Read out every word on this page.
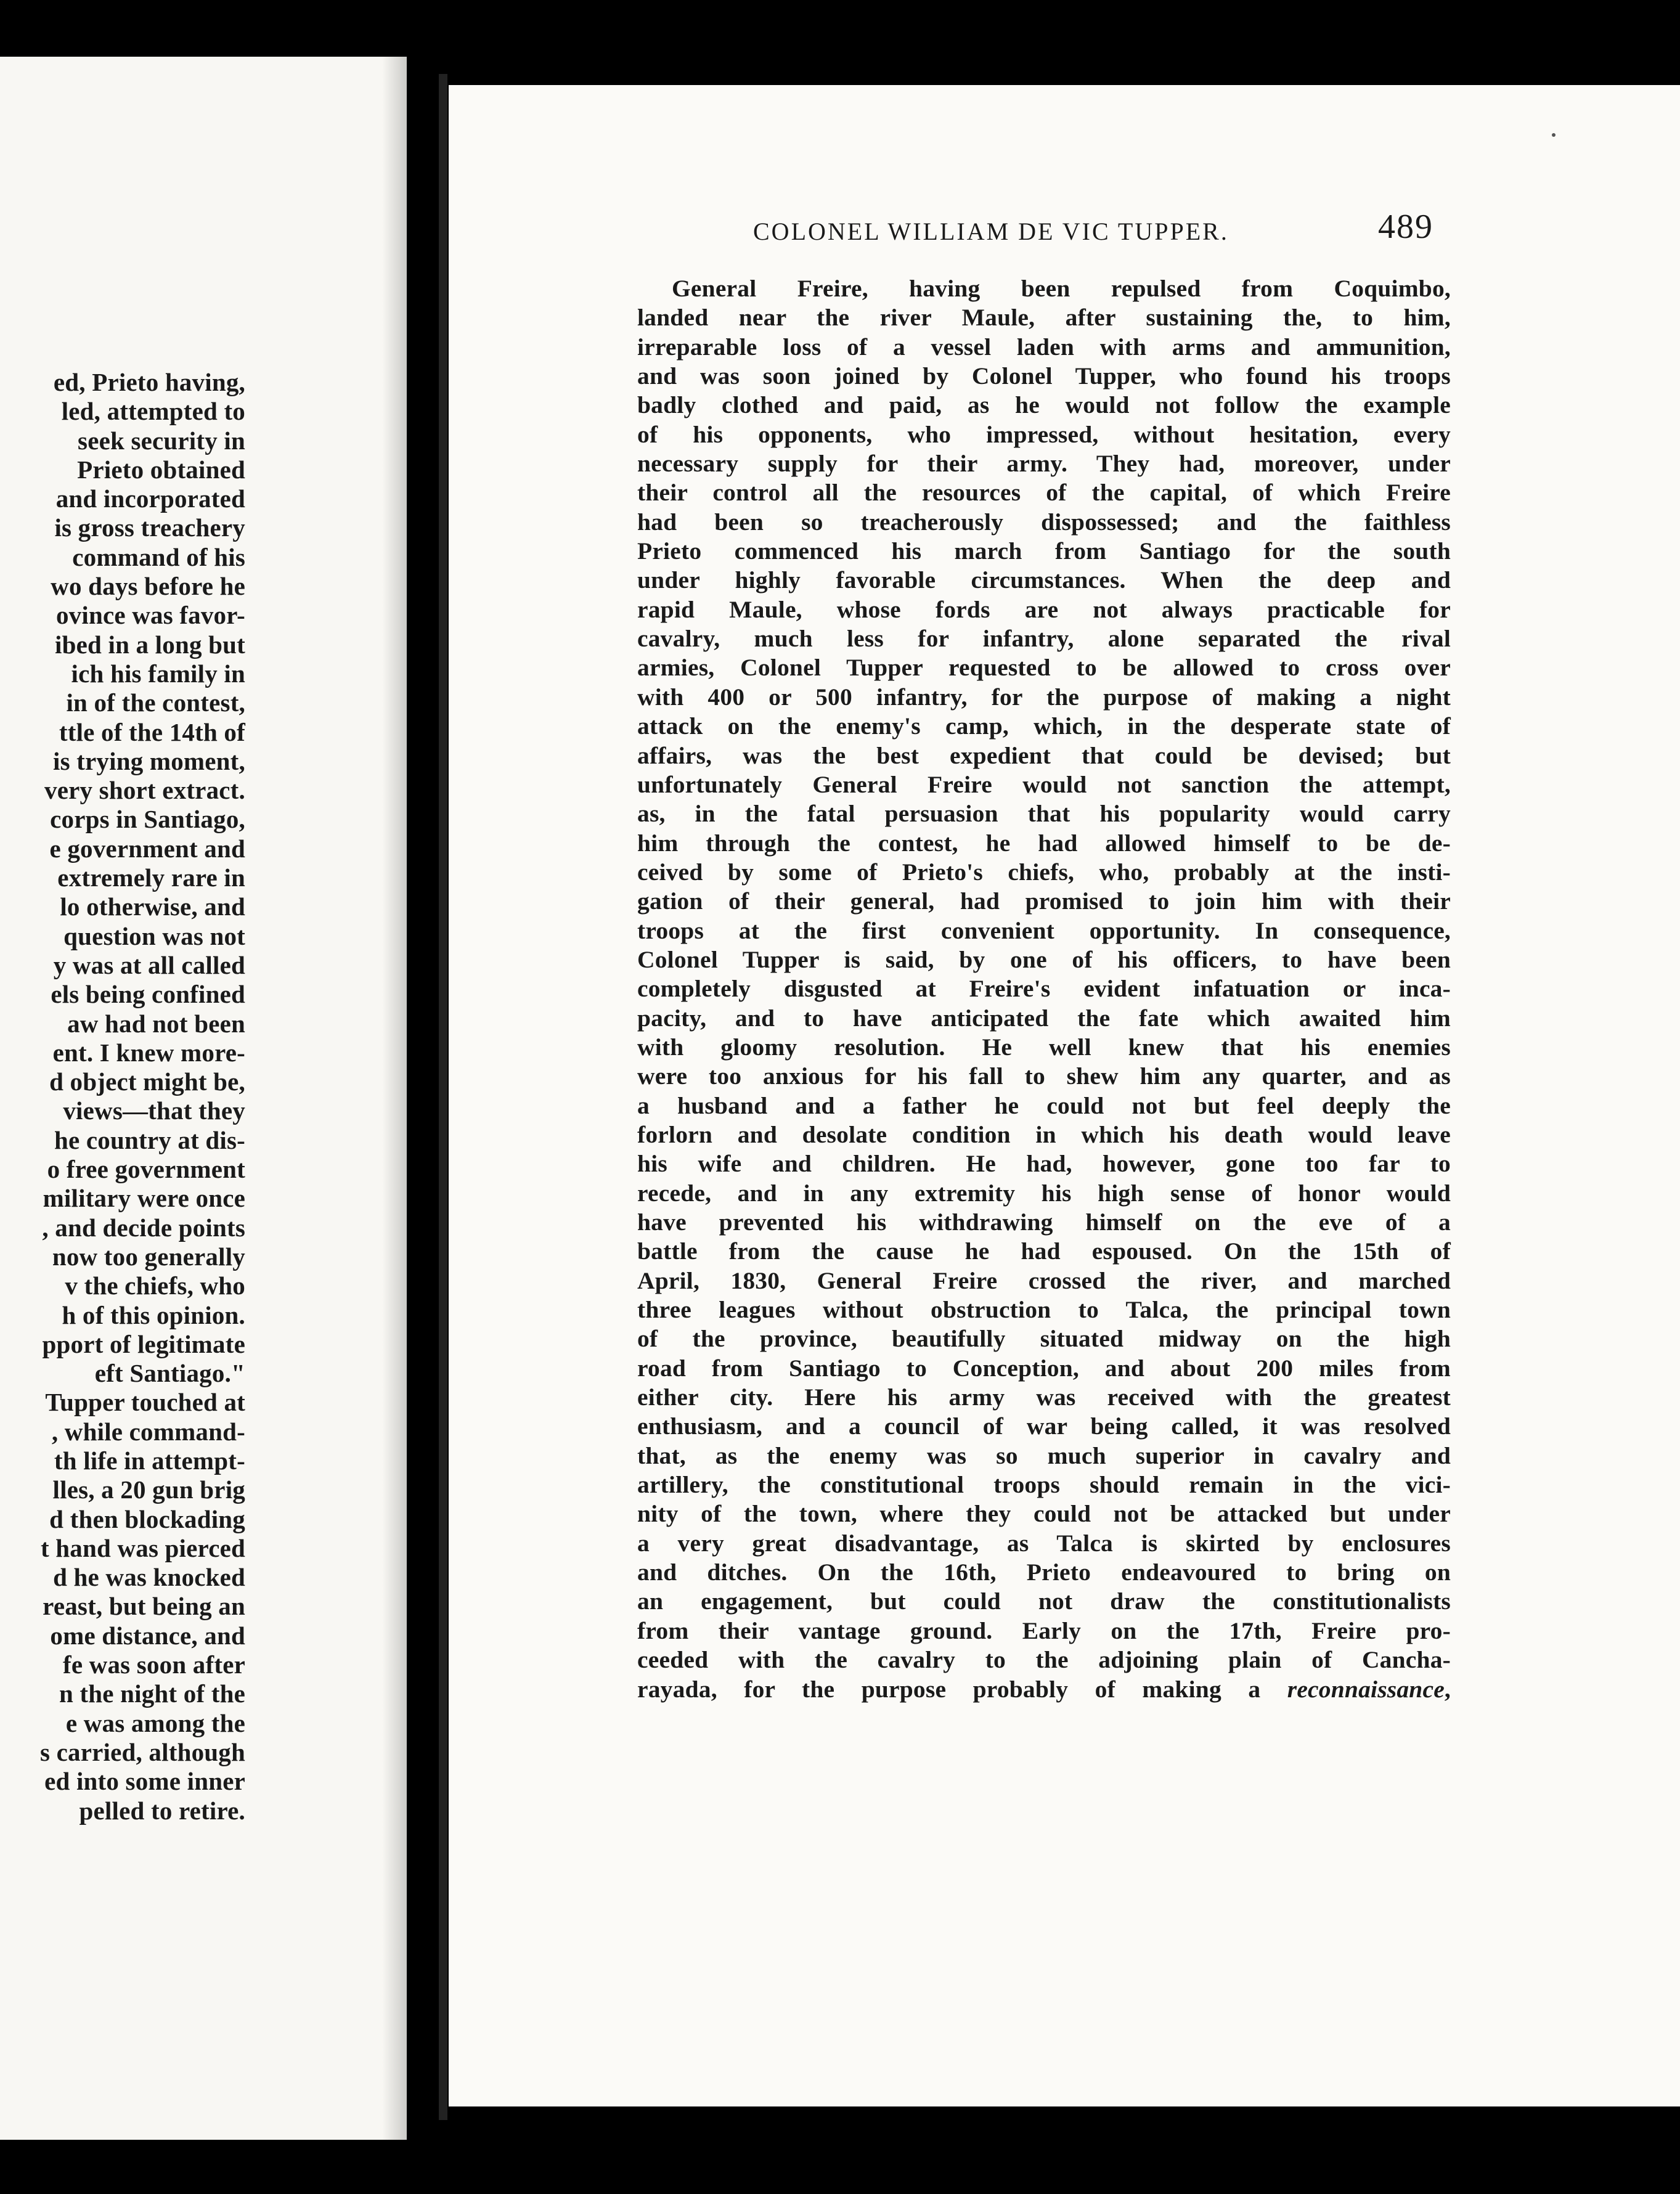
ed, Prieto having,
led, attempted to
seek security in
Prieto obtained
and incorporated
is gross treachery
command of his
wo days before he
ovince was favor-
ibed in a long but
ich his family in
in of the contest,
ttle of the 14th of
is trying moment,
very short extract.
corps in Santiago,
e government and
extremely rare in
lo otherwise, and
question was not
y was at all called
els being confined
aw had not been
ent. I knew more-
d object might be,
views—that they
he country at dis-
o free government
military were once
, and decide points
now too generally
v the chiefs, who
h of this opinion.
pport of legitimate
eft Santiago."
Tupper touched at
, while command-
th life in attempt-
lles, a 20 gun brig
d then blockading
t hand was pierced
d he was knocked
reast, but being an
ome distance, and
fe was soon after
n the night of the
e was among the
s carried, although
ed into some inner
pelled to retire.
COLONEL WILLIAM DE VIC TUPPER.	489
General Freire, having been repulsed from Coquimbo,
landed near the river Maule, after sustaining the, to him,
irreparable loss of a vessel laden with arms and ammunition,
and was soon joined by Colonel Tupper, who found his troops
badly clothed and paid, as he would not follow the example
of his opponents, who impressed, without hesitation, every
necessary supply for their army. They had, moreover, under
their control all the resources of the capital, of which Freire
had been so treacherously dispossessed; and the faithless
Prieto commenced his march from Santiago for the south
under highly favorable circumstances. When the deep and
rapid Maule, whose fords are not always practicable for
cavalry, much less for infantry, alone separated the rival
armies, Colonel Tupper requested to be allowed to cross over
with 400 or 500 infantry, for the purpose of making a night
attack on the enemy's camp, which, in the desperate state of
affairs, was the best expedient that could be devised; but
unfortunately General Freire would not sanction the attempt,
as, in the fatal persuasion that his popularity would carry
him through the contest, he had allowed himself to be de-
ceived by some of Prieto's chiefs, who, probably at the insti-
gation of their general, had promised to join him with their
troops at the first convenient opportunity. In consequence,
Colonel Tupper is said, by one of his officers, to have been
completely disgusted at Freire's evident infatuation or inca-
pacity, and to have anticipated the fate which awaited him
with gloomy resolution. He well knew that his enemies
were too anxious for his fall to shew him any quarter, and as
a husband and a father he could not but feel deeply the
forlorn and desolate condition in which his death would leave
his wife and children. He had, however, gone too far to
recede, and in any extremity his high sense of honor would
have prevented his withdrawing himself on the eve of a
battle from the cause he had espoused. On the 15th of
April, 1830, General Freire crossed the river, and marched
three leagues without obstruction to Talca, the principal town
of the province, beautifully situated midway on the high
road from Santiago to Conception, and about 200 miles from
either city. Here his army was received with the greatest
enthusiasm, and a council of war being called, it was resolved
that, as the enemy was so much superior in cavalry and
artillery, the constitutional troops should remain in the vici-
nity of the town, where they could not be attacked but under
a very great disadvantage, as Talca is skirted by enclosures
and ditches. On the 16th, Prieto endeavoured to bring on
an engagement, but could not draw the constitutionalists
from their vantage ground. Early on the 17th, Freire pro-
ceeded with the cavalry to the adjoining plain of Cancha-
rayada, for the purpose probably of making a reconnaissance,
